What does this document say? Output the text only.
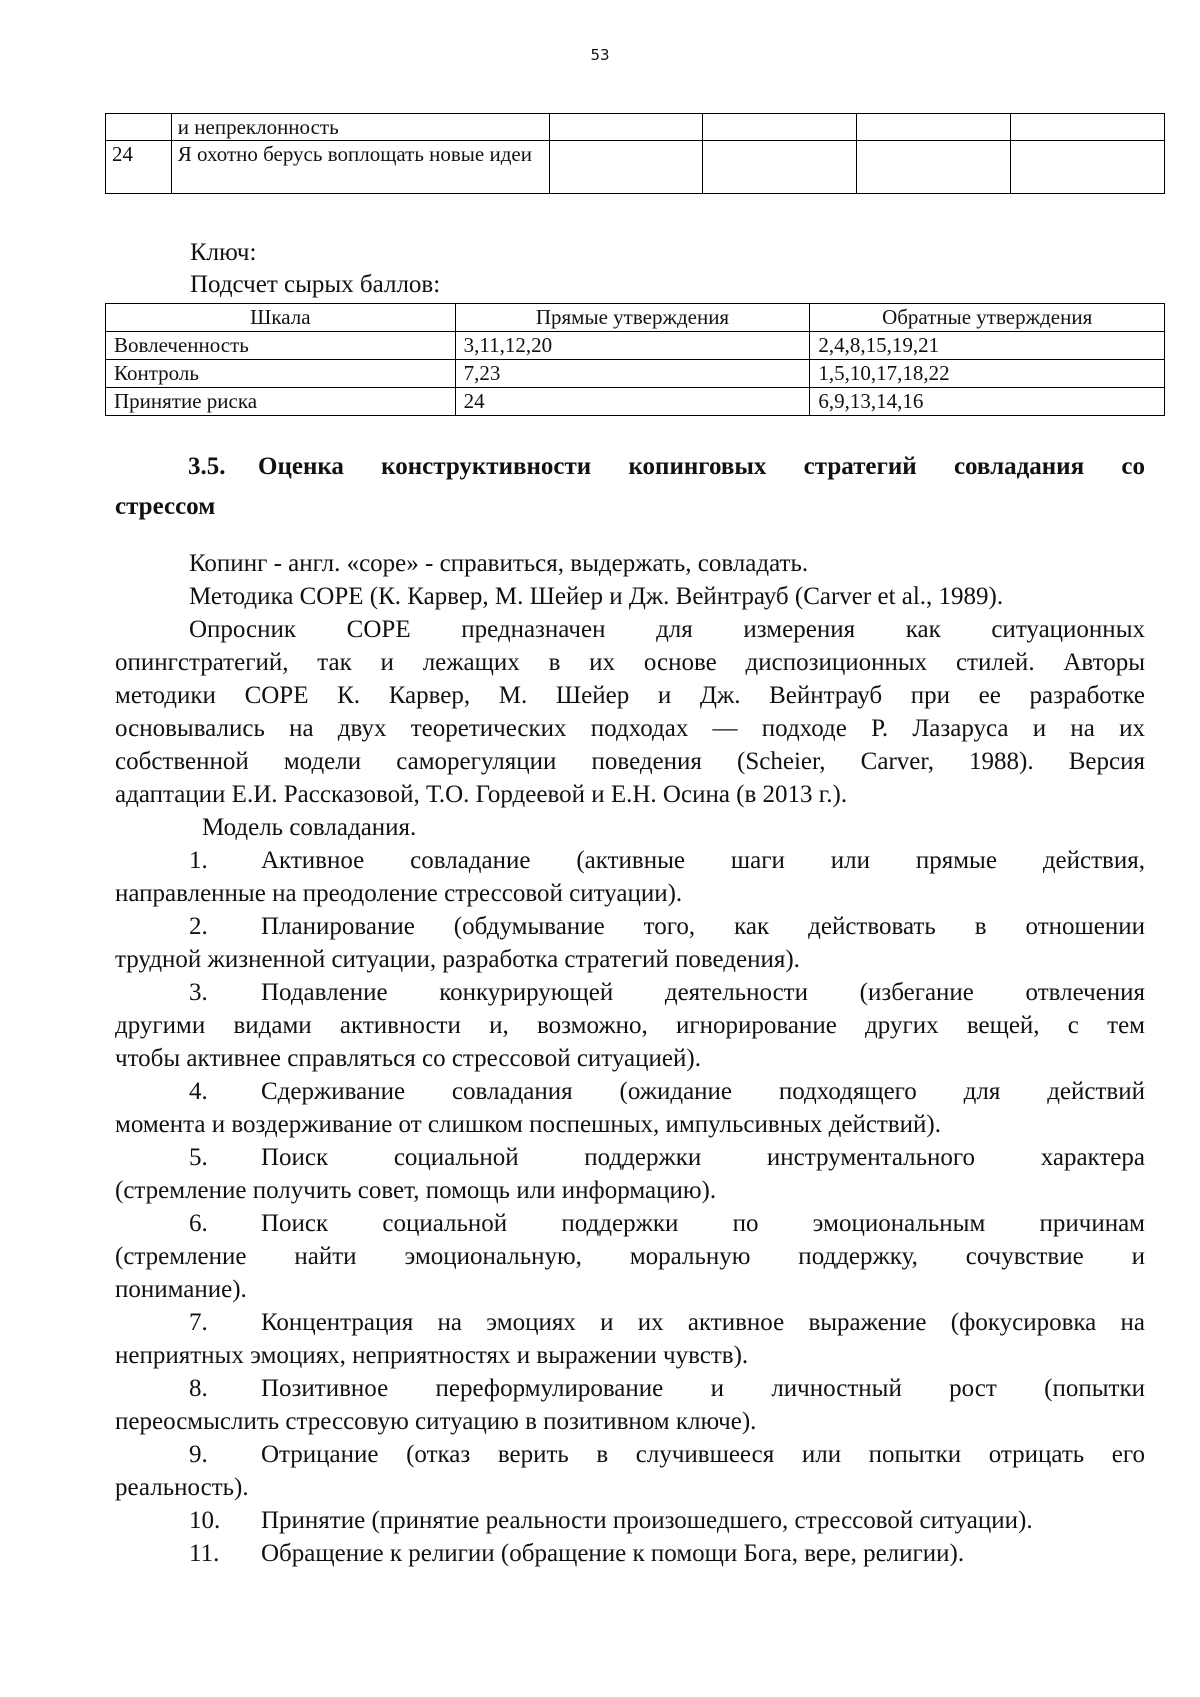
53
	и непреклонность				
24	Я охотно берусь воплощать новые идеи				
Ключ:
Подсчет сырых баллов:
Шкала	Прямые утверждения	Обратные утверждения
Вовлеченность	3,11,12,20	2,4,8,15,19,21
Контроль	7,23	1,5,10,17,18,22
Принятие риска	24	6,9,13,14,16
3.5. Оценка конструктивности копинговых стратегий совладания со
стрессом
Копинг - англ. «cope» - справиться, выдержать, совладать.
Методика COPE (К. Карвер, М. Шейер и Дж. Вейнтрауб (Carver et al., 1989).
Опросник COPE предназначен для измерения как ситуационных
опингстратегий, так и лежащих в их основе диспозиционных стилей. Авторы
методики COPE К. Карвер, М. Шейер и Дж. Вейнтрауб при ее разработке
основывались на двух теоретических подходах — подходе Р. Лазаруса и на их
собственной модели саморегуляции поведения (Scheier, Carver, 1988). Версия
адаптации Е.И. Рассказовой, Т.О. Гордеевой и Е.Н. Осина (в 2013 г.).
Модель совладания.
1. Активное совладание (активные шаги или прямые действия,
направленные на преодоление стрессовой ситуации).
2. Планирование (обдумывание того, как действовать в отношении
трудной жизненной ситуации, разработка стратегий поведения).
3. Подавление конкурирующей деятельности (избегание отвлечения
другими видами активности и, возможно, игнорирование других вещей, с тем
чтобы активнее справляться со стрессовой ситуацией).
4. Сдерживание совладания (ожидание подходящего для действий
момента и воздерживание от слишком поспешных, импульсивных действий).
5. Поиск социальной поддержки инструментального характера
(стремление получить совет, помощь или информацию).
6. Поиск социальной поддержки по эмоциональным причинам
(стремление найти эмоциональную, моральную поддержку, сочувствие и
понимание).
7. Концентрация на эмоциях и их активное выражение (фокусировка на
неприятных эмоциях, неприятностях и выражении чувств).
8. Позитивное переформулирование и личностный рост (попытки
переосмыслить стрессовую ситуацию в позитивном ключе).
9. Отрицание (отказ верить в случившееся или попытки отрицать его
реальность).
10. Принятие (принятие реальности произошедшего, стрессовой ситуации).
11. Обращение к религии (обращение к помощи Бога, вере, религии).
